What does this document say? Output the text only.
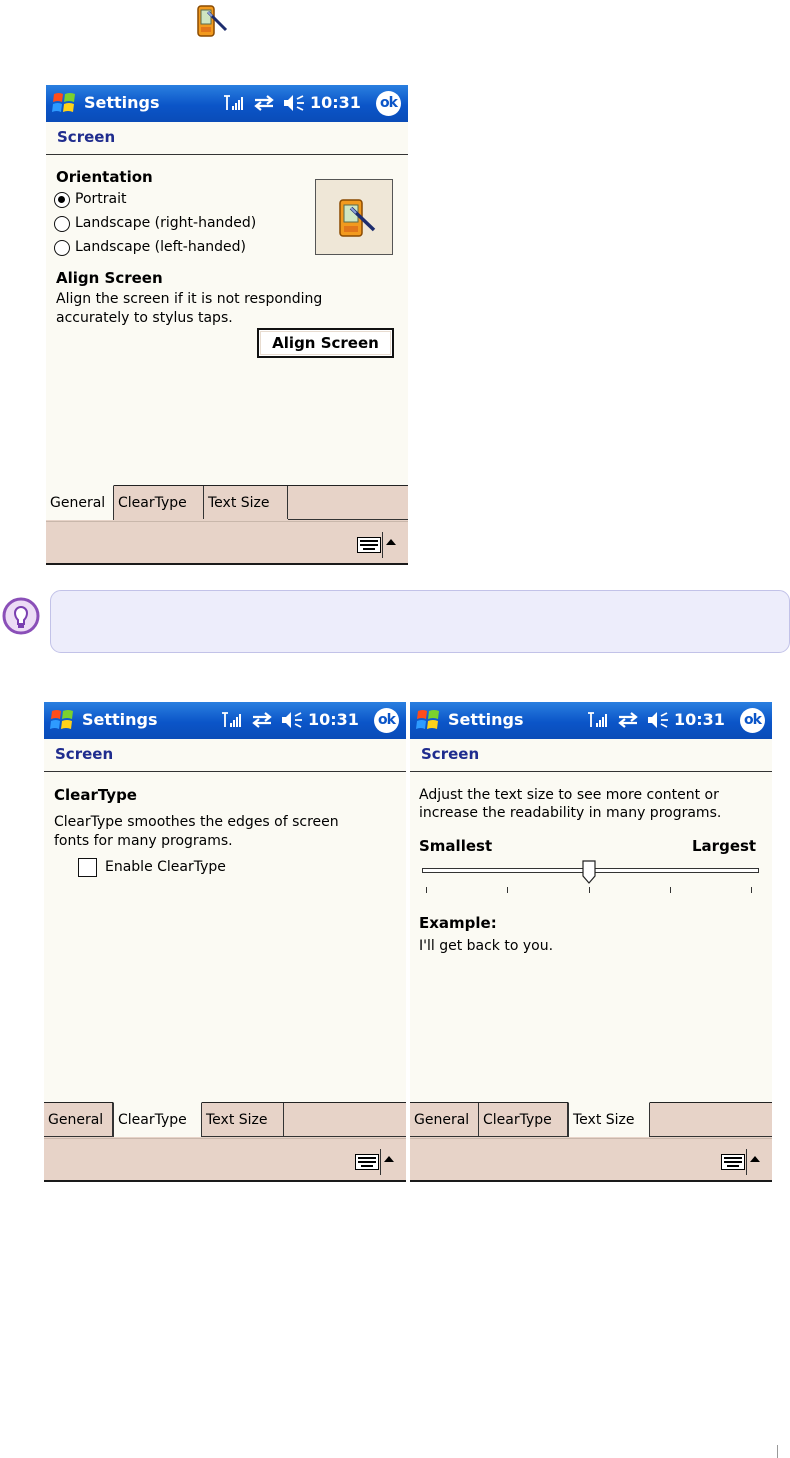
Settings	10:31 ok
Screen
Orientation
Portrait
Landscape (right-handed)
Landscape (left-handed)
Align Screen
Align the screen if it is not responding
accurately to stylus taps.
Align Screen
General ClearType	Text Size
Settings	10:31 ok
Screen
ClearType
ClearType smoothes the edges of screen
fonts for many programs.
Enable ClearType
General	ClearType	Text Size
Settings	10:31 ok
Screen
Adjust the text size to see more content or
increase the readability in many programs.
Smallest	Largest
Example:
I'll get back to you.
General ClearType	Text Size
